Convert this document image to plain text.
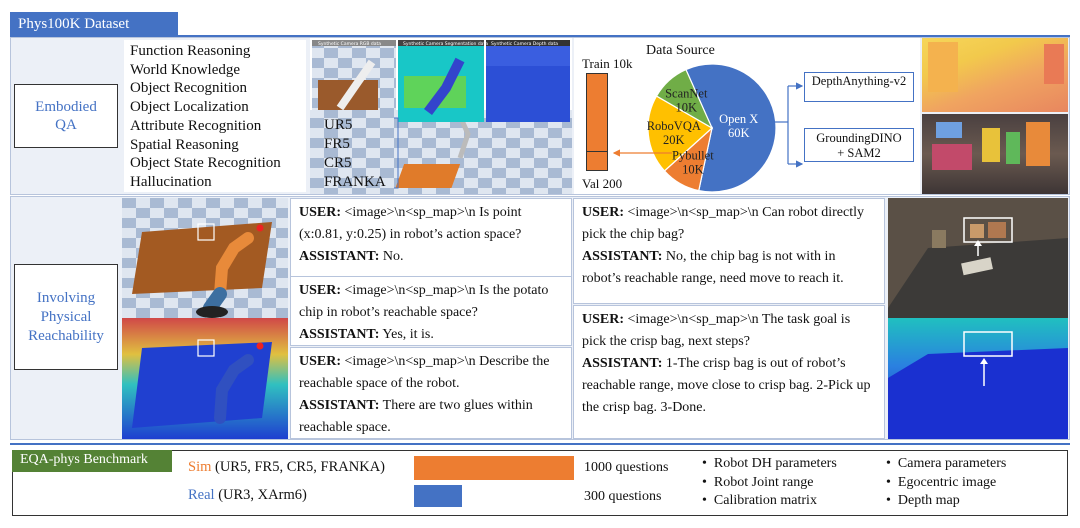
Phys100K Dataset
Embodied
QA
Function Reasoning
World Knowledge
Object Recognition
Object Localization
Attribute Recognition
Spatial Reasoning
Object State Recognition
Hallucination
Synthetic Camera RGB data	Synthetic Camera Segmentation data Synthetic Camera Depth data
UR5
FR5
CR5
FRANKA
Train 10k
Val 200
Data Source
Open X
60K
Pybullet
10K
RoboVQA
20K
ScanNet
10K
DepthAnything-v2
GroundingDINO
+ SAM2
Involving
Physical
Reachability
USER: <image>\n<sp_map>\n Is point (x:0.81, y:0.25) in robot’s action space?
ASSISTANT: No.
USER: <image>\n<sp_map>\n Is the potato chip in robot’s reachable space?
ASSISTANT: Yes, it is.
USER: <image>\n<sp_map>\n Describe the reachable space of the robot.
ASSISTANT: There are two glues within reachable space.
USER: <image>\n<sp_map>\n Can robot directly pick the chip bag?
ASSISTANT: No, the chip bag is not with in robot’s reachable range, need move to reach it.
USER: <image>\n<sp_map>\n The task goal is pick the crisp bag, next steps?
ASSISTANT: 1-The crisp bag is out of robot’s reachable range, move close to crisp bag. 2-Pick up the crisp bag. 3-Done.
EQA-phys Benchmark	Sim (UR5, FR5, CR5, FRANKA)
Real (UR3, XArm6)
1000 questions
300 questions
•  Robot DH parameters
•  Robot Joint range
•  Calibration matrix
•  Camera parameters
•  Egocentric image
•  Depth map
